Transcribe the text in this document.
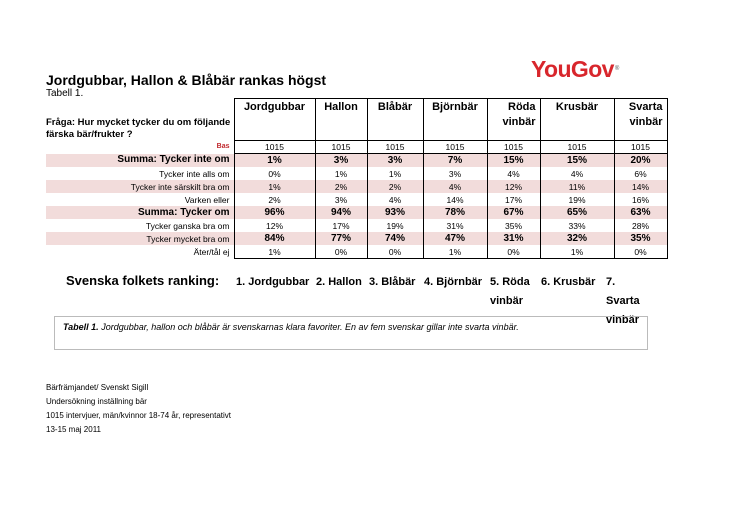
YouGov®
Jordgubbar, Hallon & Blåbär rankas högst
Tabell 1.
	Jordgubbar	Hallon	Blåbär	Björnbär	Röda vinbär	Krusbär	Svarta vinbär
Bas	1015	1015	1015	1015	1015	1015	1015
Summa: Tycker inte om	1%	3%	3%	7%	15%	15%	20%
Tycker inte alls om	0%	1%	1%	3%	4%	4%	6%
Tycker inte särskilt bra om	1%	2%	2%	4%	12%	11%	14%
Varken eller	2%	3%	4%	14%	17%	19%	16%
Summa: Tycker om	96%	94%	93%	78%	67%	65%	63%
Tycker ganska bra om	12%	17%	19%	31%	35%	33%	28%
Tycker mycket bra om	84%	77%	74%	47%	31%	32%	35%
Äter/tål ej	1%	0%	0%	1%	0%	1%	0%
Fråga: Hur mycket tycker du om följande färska bär/frukter ?
Svenska folkets ranking: 1. Jordgubbar 2. Hallon 3. Blåbär 4. Björnbär 5. Röda vinbär
6. Krusbär 7. Svarta vinbär
Tabell 1. Jordgubbar, hallon och blåbär är svenskarnas klara favoriter. En av fem svenskar gillar inte svarta vinbär.
Bärfrämjandet/ Svenskt Sigill
Undersökning inställning bär
1015 intervjuer, män/kvinnor 18-74 år, representativt
13-15 maj 2011
